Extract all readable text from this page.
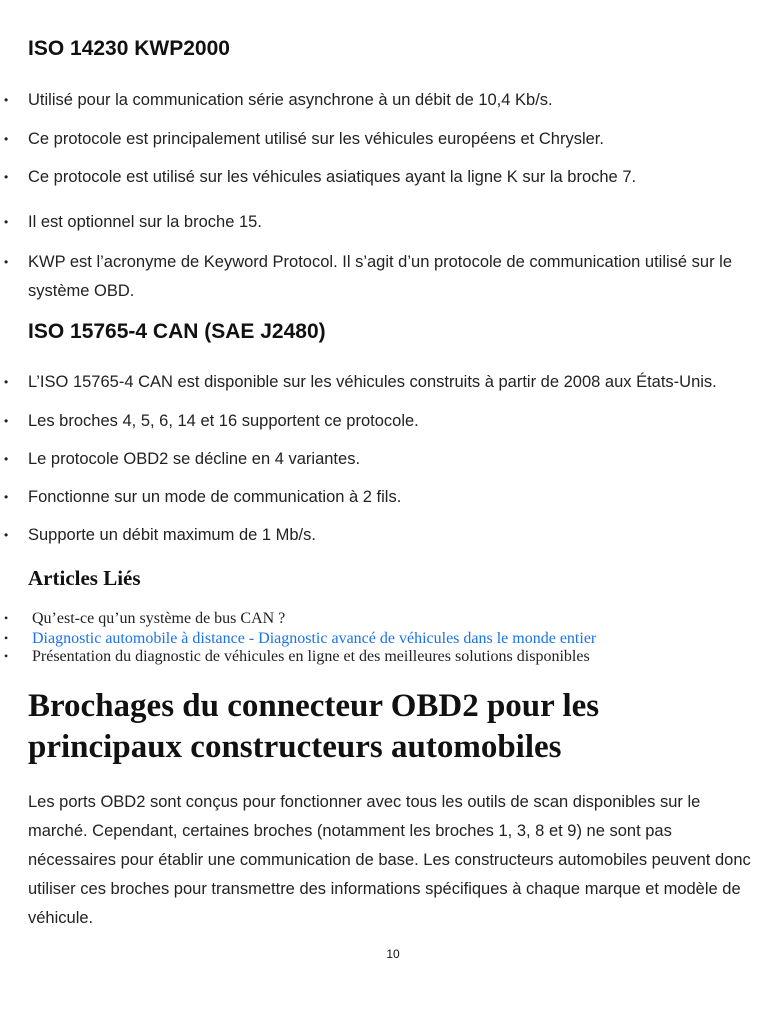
ISO 14230 KWP2000
• Utilisé pour la communication série asynchrone à un débit de 10,4 Kb/s.
• Ce protocole est principalement utilisé sur les véhicules européens et Chrysler.
• Ce protocole est utilisé sur les véhicules asiatiques ayant la ligne K sur la broche 7.
• Il est optionnel sur la broche 15.
• KWP est l’acronyme de Keyword Protocol. Il s’agit d’un protocole de communication utilisé sur le système OBD.
ISO 15765-4 CAN (SAE J2480)
• L’ISO 15765-4 CAN est disponible sur les véhicules construits à partir de 2008 aux États-Unis.
• Les broches 4, 5, 6, 14 et 16 supportent ce protocole.
• Le protocole OBD2 se décline en 4 variantes.
• Fonctionne sur un mode de communication à 2 fils.
• Supporte un débit maximum de 1 Mb/s.
Articles Liés
• Qu’est-ce qu’un système de bus CAN ?
• Diagnostic automobile à distance - Diagnostic avancé de véhicules dans le monde entier
• Présentation du diagnostic de véhicules en ligne et des meilleures solutions disponibles
Brochages du connecteur OBD2 pour les principaux constructeurs automobiles

Les ports OBD2 sont conçus pour fonctionner avec tous les outils de scan disponibles sur le marché. Cependant, certaines broches (notamment les broches 1, 3, 8 et 9) ne sont pas nécessaires pour établir une communication de base. Les constructeurs automobiles peuvent donc utiliser ces broches pour transmettre des informations spécifiques à chaque marque et modèle de véhicule.

10
